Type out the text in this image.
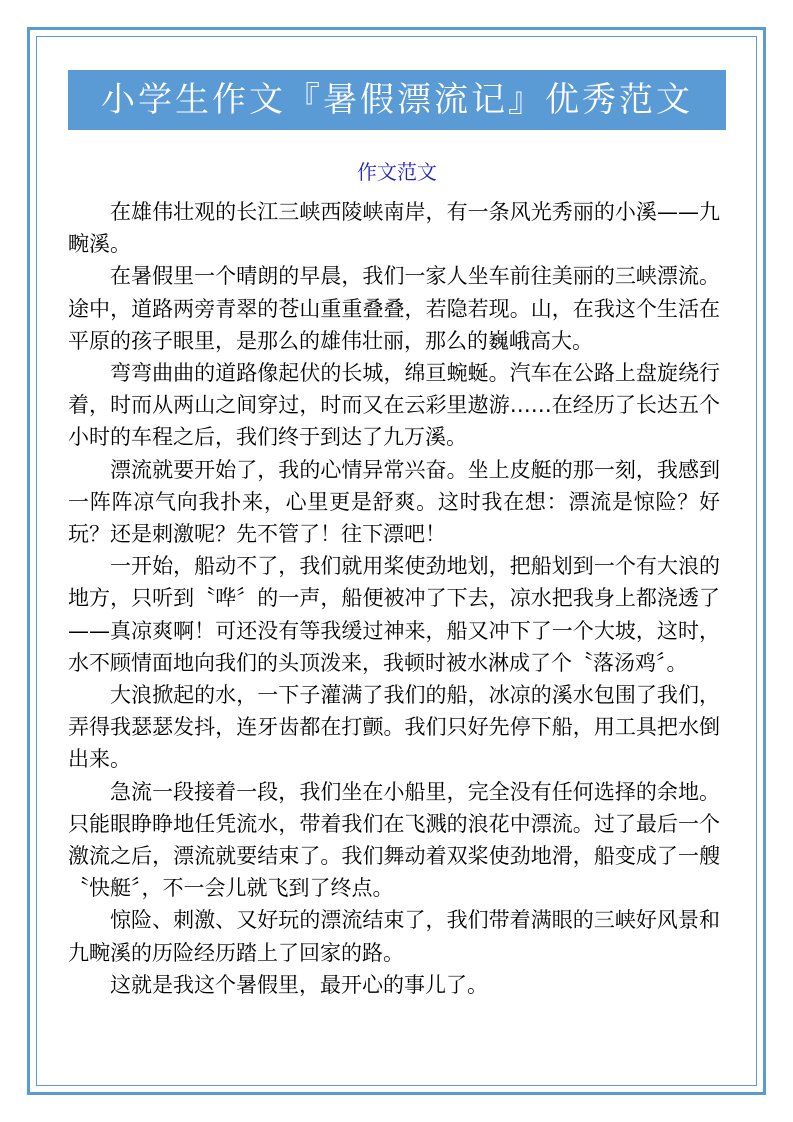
小学生作文『暑假漂流记』优秀范文
作文范文

在雄伟壮观的长江三峡西陵峡南岸，有一条风光秀丽的小溪——九畹溪。

在暑假里一个晴朗的早晨，我们一家人坐车前往美丽的三峡漂流。途中，道路两旁青翠的苍山重重叠叠，若隐若现。山，在我这个生活在平原的孩子眼里，是那么的雄伟壮丽，那么的巍峨高大。

弯弯曲曲的道路像起伏的长城，绵亘蜿蜒。汽车在公路上盘旋绕行着，时而从两山之间穿过，时而又在云彩里遨游……在经历了长达五个小时的车程之后，我们终于到达了九万溪。

漂流就要开始了，我的心情异常兴奋。坐上皮艇的那一刻，我感到一阵阵凉气向我扑来，心里更是舒爽。这时我在想：漂流是惊险？好玩？还是刺激呢？先不管了！往下漂吧！

一开始，船动不了，我们就用桨使劲地划，把船划到一个有大浪的地方，只听到〝哗〞的一声，船便被冲了下去，凉水把我身上都浇透了——真凉爽啊！可还没有等我缓过神来，船又冲下了一个大坡，这时，水不顾情面地向我们的头顶泼来，我顿时被水淋成了个〝落汤鸡〞。

大浪掀起的水，一下子灌满了我们的船，冰凉的溪水包围了我们，弄得我瑟瑟发抖，连牙齿都在打颤。我们只好先停下船，用工具把水倒出来。

急流一段接着一段，我们坐在小船里，完全没有任何选择的余地。只能眼睁睁地任凭流水，带着我们在飞溅的浪花中漂流。过了最后一个激流之后，漂流就要结束了。我们舞动着双桨使劲地滑，船变成了一艘〝快艇〞，不一会儿就飞到了终点。

惊险、刺激、又好玩的漂流结束了，我们带着满眼的三峡好风景和九畹溪的历险经历踏上了回家的路。

这就是我这个暑假里，最开心的事儿了。
